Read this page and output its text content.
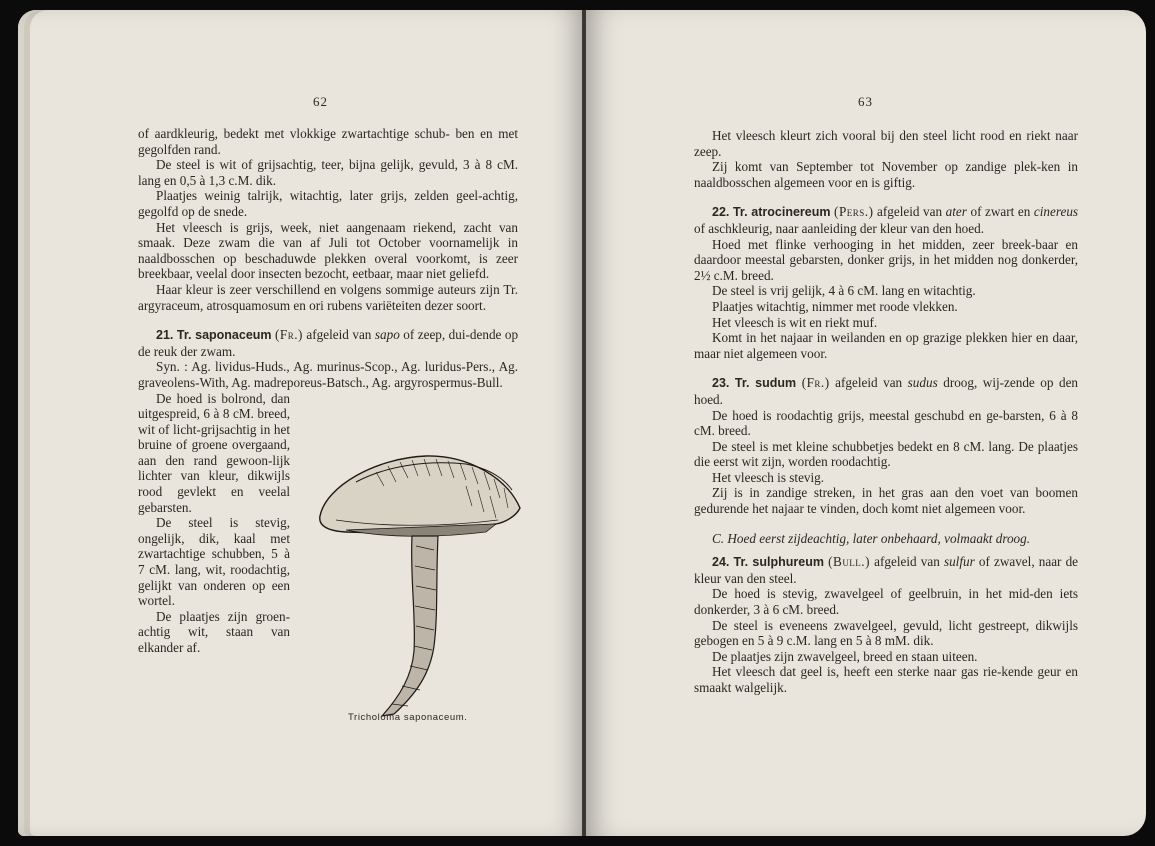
62

of aardkleurig, bedekt met vlokkige zwartachtige schub- ben en met gegolfden rand.

De steel is wit of grijsachtig, teer, bijna gelijk, gevuld, 3 à 8 cM. lang en 0,5 à 1,3 c.M. dik.

Plaatjes weinig talrijk, witachtig, later grijs, zelden geel-achtig, gegolfd op de snede.

Het vleesch is grijs, week, niet aangenaam riekend, zacht van smaak. Deze zwam die van af Juli tot October voornamelijk in naaldbosschen op beschaduwde plekken overal voorkomt, is zeer breekbaar, veelal door insecten bezocht, eetbaar, maar niet geliefd.

Haar kleur is zeer verschillend en volgens sommige auteurs zijn Tr. argyraceum, atrosquamosum en ori rubens variëteiten dezer soort.

21. Tr. saponaceum (Fr.) afgeleid van sapo of zeep, dui-dende op de reuk der zwam.

Syn. : Ag. lividus-Huds., Ag. murinus-Scop., Ag. luridus-Pers., Ag. graveolens-With, Ag. madreporeus-Batsch., Ag. argyrospermus-Bull.

De hoed is bolrond, dan uitgespreid, 6 à 8 cM. breed, wit of licht-grijsachtig in het bruine of groene overgaand, aan den rand gewoon-lijk lichter van kleur, dikwijls rood gevlekt en veelal gebarsten.

De steel is stevig, ongelijk, dik, kaal met zwartachtige schubben, 5 à 7 cM. lang, wit, roodachtig, gelijkt van onderen op een wortel.

De plaatjes zijn groen-achtig wit, staan van elkander af.

Tricholoma saponaceum.
63

Het vleesch kleurt zich vooral bij den steel licht rood en riekt naar zeep.

Zij komt van September tot November op zandige plek-ken in naaldbosschen algemeen voor en is giftig.

22. Tr. atrocinereum (Pers.) afgeleid van ater of zwart en cinereus of aschkleurig, naar aanleiding der kleur van den hoed.

Hoed met flinke verhooging in het midden, zeer breek-baar en daardoor meestal gebarsten, donker grijs, in het midden nog donkerder, 2½ c.M. breed.

De steel is vrij gelijk, 4 à 6 cM. lang en witachtig.

Plaatjes witachtig, nimmer met roode vlekken.

Het vleesch is wit en riekt muf.

Komt in het najaar in weilanden en op grazige plekken hier en daar, maar niet algemeen voor.

23. Tr. sudum (Fr.) afgeleid van sudus droog, wij-zende op den hoed.

De hoed is roodachtig grijs, meestal geschubd en ge-barsten, 6 à 8 cM. breed.

De steel is met kleine schubbetjes bedekt en 8 cM. lang. De plaatjes die eerst wit zijn, worden roodachtig.

Het vleesch is stevig.

Zij is in zandige streken, in het gras aan den voet van boomen gedurende het najaar te vinden, doch komt niet algemeen voor.

C. Hoed eerst zijdeachtig, later onbehaard, volmaakt droog.

24. Tr. sulphureum (Bull.) afgeleid van sulfur of zwavel, naar de kleur van den steel.

De hoed is stevig, zwavelgeel of geelbruin, in het mid-den iets donkerder, 3 à 6 cM. breed.

De steel is eveneens zwavelgeel, gevuld, licht gestreept, dikwijls gebogen en 5 à 9 c.M. lang en 5 à 8 mM. dik.

De plaatjes zijn zwavelgeel, breed en staan uiteen.

Het vleesch dat geel is, heeft een sterke naar gas rie-kende geur en smaakt walgelijk.
